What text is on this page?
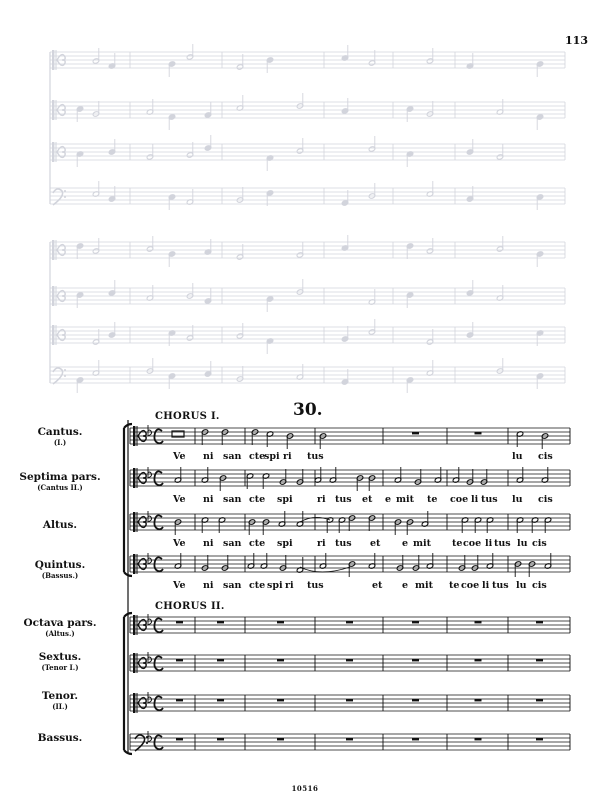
113
Cantus.
(I.)
Septima pars.
(Cantus II.)
Altus.
Quintus.
(Bassus.)
Octava pars.
(Altus.)
Sextus.
(Tenor I.)
Tenor.
(II.)
Bassus.
CHORUS I.	30.
CHORUS II.
Ve ni san cte
spi ri tus	lu cis
Ve ni san cte spi	ri tus et e mit te coe li tus lu cis
Ve ni san cte spi	ri tus et e mit te coe li tus lu cis
Ve ni san cte spi ri tus	et e mit te coe li tus lu cis
10516
